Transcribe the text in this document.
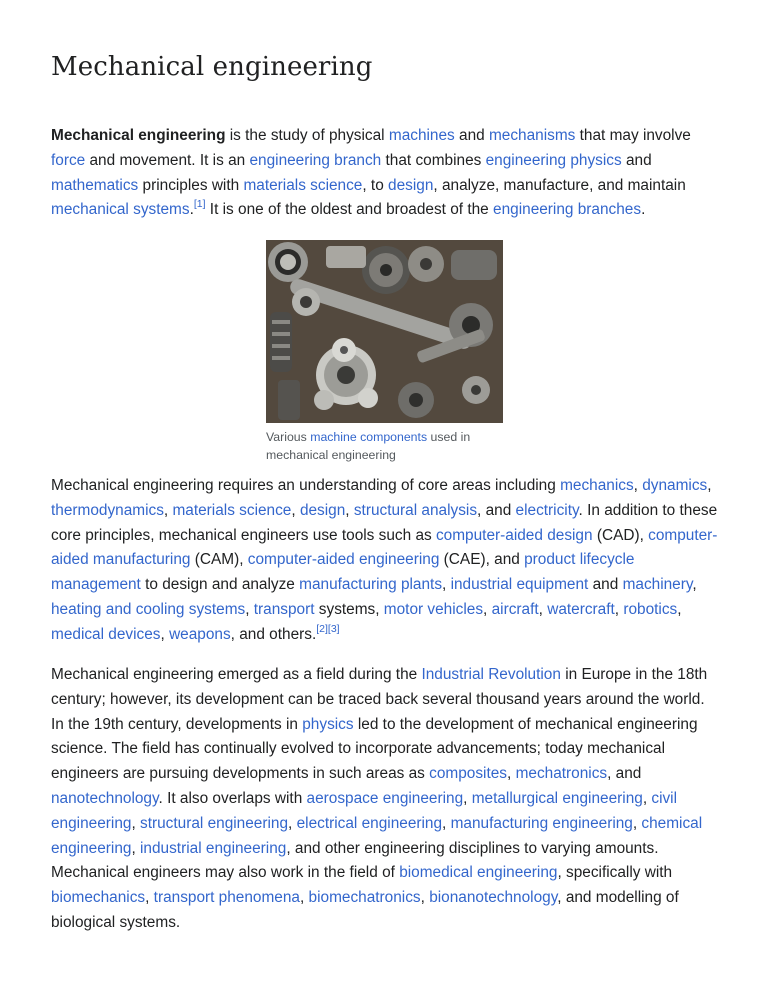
Mechanical engineering

Mechanical engineering is the study of physical machines and mechanisms that may involve force and movement. It is an engineering branch that combines engineering physics and mathematics principles with materials science, to design, analyze, manufacture, and maintain mechanical systems.[1] It is one of the oldest and broadest of the engineering branches.

Various machine components used in mechanical engineering

Mechanical engineering requires an understanding of core areas including mechanics, dynamics, thermodynamics, materials science, design, structural analysis, and electricity. In addition to these core principles, mechanical engineers use tools such as computer-aided design (CAD), computer-aided manufacturing (CAM), computer-aided engineering (CAE), and product lifecycle management to design and analyze manufacturing plants, industrial equipment and machinery, heating and cooling systems, transport systems, motor vehicles, aircraft, watercraft, robotics, medical devices, weapons, and others.[2][3]

Mechanical engineering emerged as a field during the Industrial Revolution in Europe in the 18th century; however, its development can be traced back several thousand years around the world. In the 19th century, developments in physics led to the development of mechanical engineering science. The field has continually evolved to incorporate advancements; today mechanical engineers are pursuing developments in such areas as composites, mechatronics, and nanotechnology. It also overlaps with aerospace engineering, metallurgical engineering, civil engineering, structural engineering, electrical engineering, manufacturing engineering, chemical engineering, industrial engineering, and other engineering disciplines to varying amounts. Mechanical engineers may also work in the field of biomedical engineering, specifically with biomechanics, transport phenomena, biomechatronics, bionanotechnology, and modelling of biological systems.
